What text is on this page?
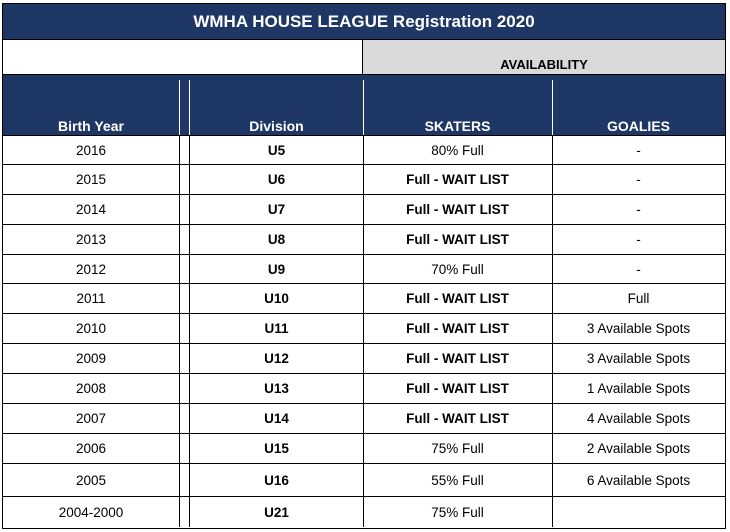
WMHA HOUSE LEAGUE Registration 2020
AVAILABILITY
Birth Year	Division	SKATERS	GOALIES
2016	U5	80% Full	-
2015	U6	Full - WAIT LIST	-
2014	U7	Full - WAIT LIST	-
2013	U8	Full - WAIT LIST	-
2012	U9	70% Full	-
2011	U10	Full - WAIT LIST	Full
2010	U11	Full - WAIT LIST	3 Available Spots
2009	U12	Full - WAIT LIST	3 Available Spots
2008	U13	Full - WAIT LIST	1 Available Spots
2007	U14	Full - WAIT LIST	4 Available Spots
2006	U15	75% Full	2 Available Spots
2005	U16	55% Full	6 Available Spots
2004-2000	U21	75% Full
